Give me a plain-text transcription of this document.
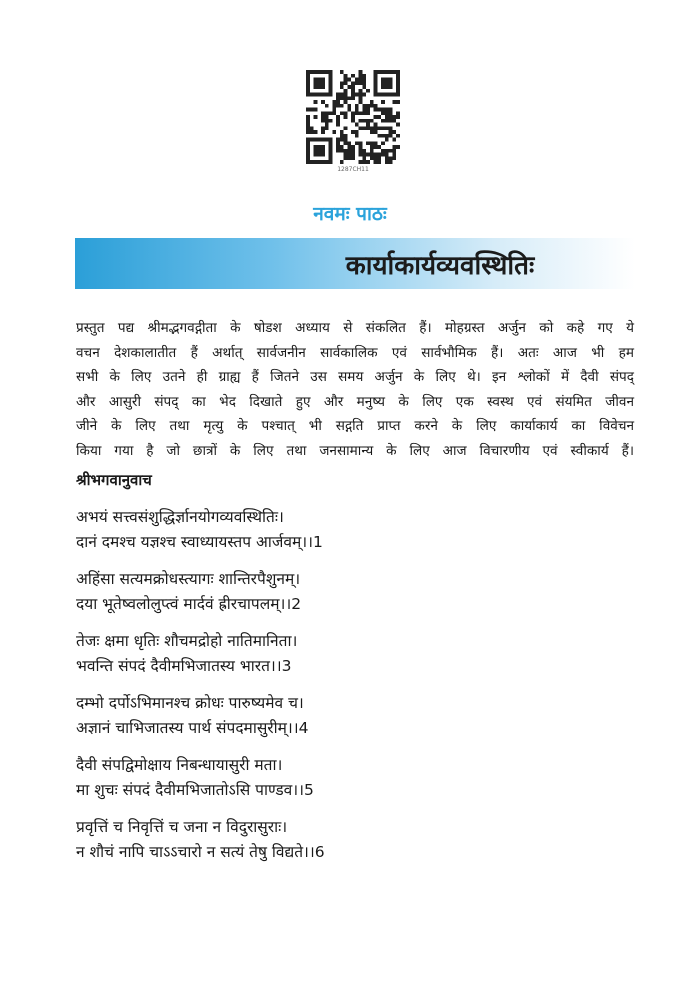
1287CH11
नवमः पाठः
कार्याकार्यव्यवस्थितिः

प्रस्तुत पद्य श्रीमद्भगवद्गीता के षोडश अध्याय से संकलित हैं। मोहग्रस्त अर्जुन को कहे गए ये

वचन देशकालातीत हैं अर्थात् सार्वजनीन सार्वकालिक एवं सार्वभौमिक हैं। अतः आज भी हम

सभी के लिए उतने ही ग्राह्य हैं जितने उस समय अर्जुन के लिए थे। इन श्लोकों में दैवी संपद्

और आसुरी संपद् का भेद दिखाते हुए और मनुष्य के लिए एक स्वस्थ एवं संयमित जीवन

जीने के लिए तथा मृत्यु के पश्चात् भी सद्गति प्राप्त करने के लिए कार्याकार्य का विवेचन

किया गया है जो छात्रों के लिए तथा जनसामान्य के लिए आज विचारणीय एवं स्वीकार्य हैं।

श्रीभगवानुवाच
अभयं सत्त्वसंशुद्धिर्ज्ञानयोगव्यवस्थितिः।
दानं दमश्च यज्ञश्च स्वाध्यायस्तप आर्जवम्।।1
अहिंसा सत्यमक्रोधस्त्यागः शान्तिरपैशुनम्।
दया भूतेष्वलोलुप्त्वं मार्दवं ह्रीरचापलम्।।2
तेजः क्षमा धृतिः शौचमद्रोहो नातिमानिता।
भवन्ति संपदं दैवीमभिजातस्य भारत।।3
दम्भो दर्पोऽभिमानश्च क्रोधः पारुष्यमेव च।
अज्ञानं चाभिजातस्य पार्थ संपदमासुरीम्।।4
दैवी संपद्विमोक्षाय निबन्धायासुरी मता।
मा शुचः संपदं दैवीमभिजातोऽसि पाण्डव।।5
प्रवृत्तिं च निवृत्तिं च जना न विदुरासुराः।
न शौचं नापि चाऽऽचारो न सत्यं तेषु विद्यते।।6
